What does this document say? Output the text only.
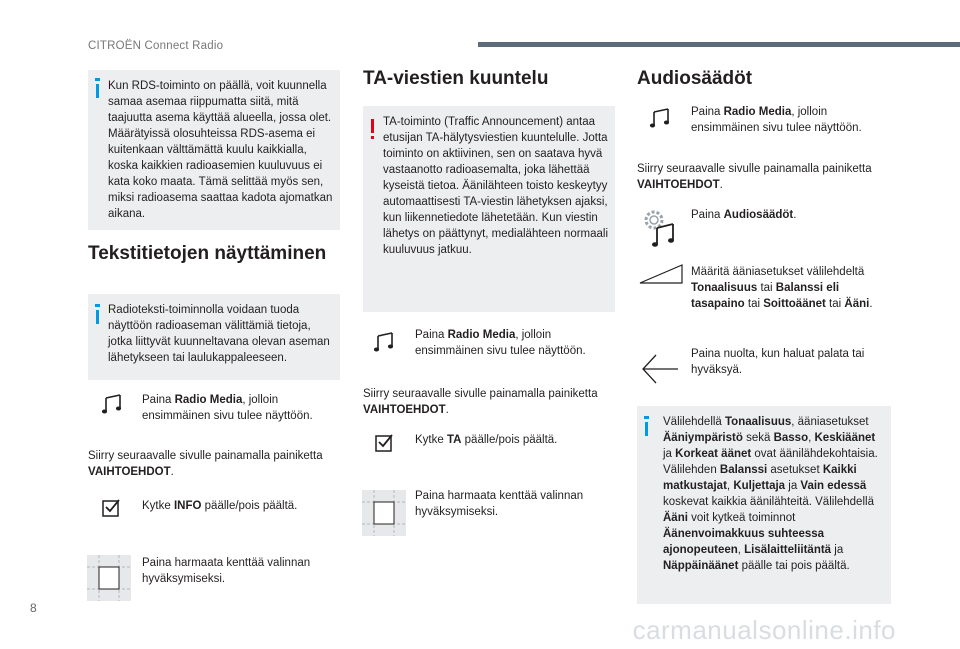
CITROËN Connect Radio
Kun RDS-toiminto on päällä, voit kuunnella samaa asemaa riippumatta siitä, mitä taajuutta asema käyttää alueella, jossa olet. Määrätyissä olosuhteissa RDS-asema ei kuitenkaan välttämättä kuulu kaikkialla, koska kaikkien radioasemien kuuluvuus ei kata koko maata. Tämä selittää myös sen, miksi radioasema saattaa kadota ajomatkan aikana.
Tekstitietojen näyttäminen
Radioteksti-toiminnolla voidaan tuoda näyttöön radioaseman välittämiä tietoja, jotka liittyvät kuunneltavana olevan aseman lähetykseen tai laulukappaleeseen.
Paina Radio Media, jolloin ensimmäinen sivu tulee näyttöön.
Siirry seuraavalle sivulle painamalla painiketta VAIHTOEHDOT.
Kytke INFO päälle/pois päältä.
Paina harmaata kenttää valinnan hyväksymiseksi.
TA-viestien kuuntelu
TA-toiminto (Traffic Announcement) antaa etusijan TA-hälytysviestien kuuntelulle. Jotta toiminto on aktiivinen, sen on saatava hyvä vastaanotto radioasemalta, joka lähettää kyseistä tietoa. Äänilähteen toisto keskeytyy automaattisesti TA-viestin lähetyksen ajaksi, kun liikennetiedote lähetetään. Kun viestin lähetys on päättynyt, medialähteen normaali kuuluvuus jatkuu.
Paina Radio Media, jolloin ensimmäinen sivu tulee näyttöön.
Siirry seuraavalle sivulle painamalla painiketta VAIHTOEHDOT.
Kytke TA päälle/pois päältä.
Paina harmaata kenttää valinnan hyväksymiseksi.
Audiosäädöt
Paina Radio Media, jolloin ensimmäinen sivu tulee näyttöön.
Siirry seuraavalle sivulle painamalla painiketta VAIHTOEHDOT.
Paina Audiosäädöt.
Määritä ääniasetukset välilehdeltä Tonaalisuus tai Balanssi eli tasapaino tai Soittoäänet tai Ääni.
Paina nuolta, kun haluat palata tai hyväksyä.
Välilehdellä Tonaalisuus, ääniasetukset Ääniympäristö sekä Basso, Keskiäänet ja Korkeat äänet ovat äänilähdekohtaisia. Välilehden Balanssi asetukset Kaikki matkustajat, Kuljettaja ja Vain edessä koskevat kaikkia äänilähteitä. Välilehdellä Ääni voit kytkeä toiminnot Äänenvoimakkuus suhteessa ajonopeuteen, Lisälaitteliitäntä ja Näppäinäänet päälle tai pois päältä.
8
carmanualsonline.info
